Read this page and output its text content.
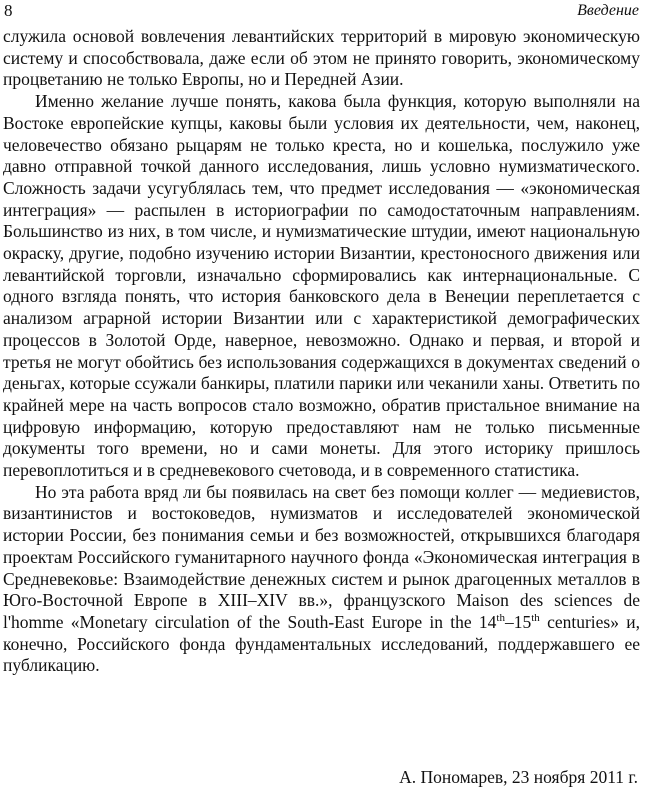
8	Введение

служила основой вовлечения левантийских территорий в мировую экономическую систему и способствовала, даже если об этом не принято говорить, экономическому процветанию не только Европы, но и Передней Азии.

Именно желание лучше понять, какова была функция, которую выполняли на Востоке европейские купцы, каковы были условия их деятельности, чем, наконец, человечество обязано рыцарям не только креста, но и кошелька, послужило уже давно отправной точкой данного исследования, лишь условно нумизматического. Сложность задачи усугублялась тем, что предмет исследования — «экономическая интеграция» — распылен в историографии по самодостаточным направлениям. Большинство из них, в том числе, и нумизматические штудии, имеют национальную окраску, другие, подобно изучению истории Византии, крестоносного движения или левантийской торговли, изначально сформировались как интернациональные. С одного взгляда понять, что история банковского дела в Венеции переплетается с анализом аграрной истории Византии или с характеристикой демографических процессов в Золотой Орде, наверное, невозможно. Однако и первая, и второй и третья не могут обойтись без использования содержащихся в документах сведений о деньгах, которые ссужали банкиры, платили парики или чеканили ханы. Ответить по крайней мере на часть вопросов стало возможно, обратив пристальное внимание на цифровую информацию, которую предоставляют нам не только письменные документы того времени, но и сами монеты. Для этого историку пришлось перевоплотиться и в средневекового счетовода, и в современного статистика.

Но эта работа вряд ли бы появилась на свет без помощи коллег — медиевистов, византинистов и востоковедов, нумизматов и исследователей экономической истории России, без понимания семьи и без возможностей, открывшихся благодаря проектам Российского гуманитарного научного фонда «Экономическая интеграция в Средневековье: Взаимодействие денежных систем и рынок драгоценных металлов в Юго-Восточной Европе в XIII–XIV вв.», французского Maison des sciences de l'homme «Monetary circulation of the South-East Europe in the 14th–15th centuries» и, конечно, Российского фонда фундаментальных исследований, поддержавшего ее публикацию.

А. Пономарев, 23 ноября 2011 г.
